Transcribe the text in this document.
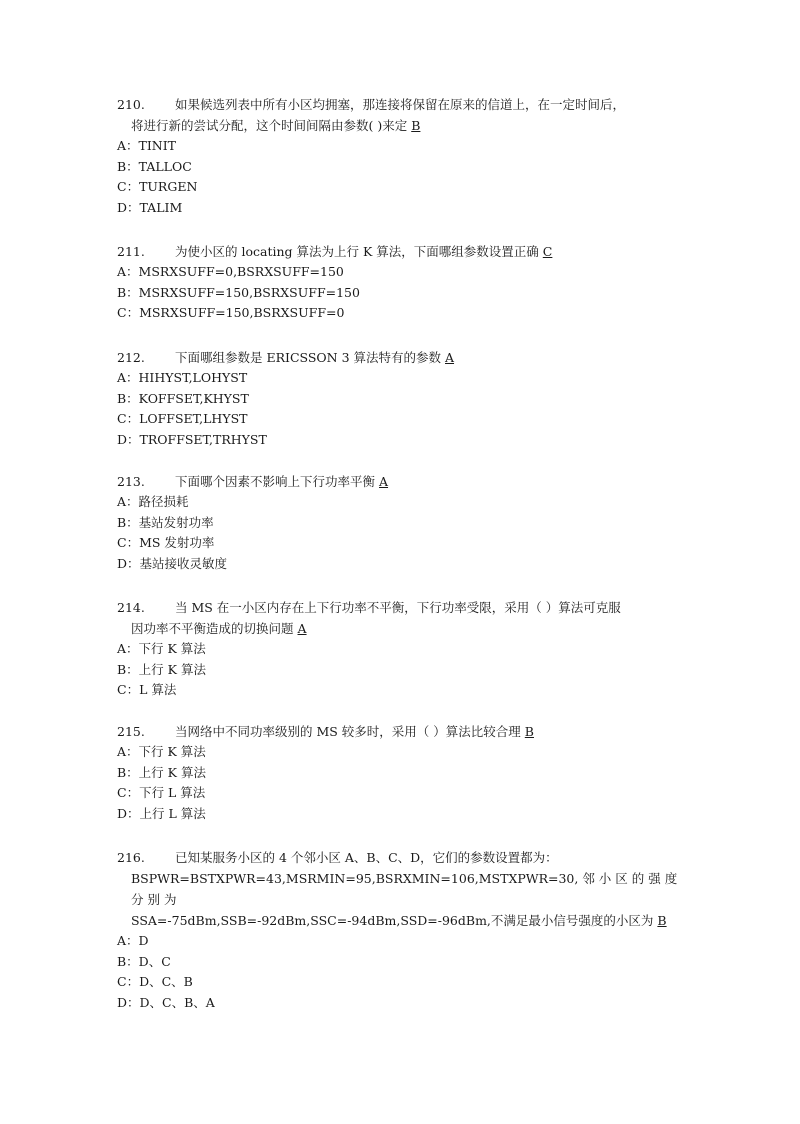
210. 如果候选列表中所有小区均拥塞，那连接将保留在原来的信道上，在一定时间后，

将进行新的尝试分配，这个时间间隔由参数( )来定 B

A：TINIT

B：TALLOC

C：TURGEN

D：TALIM

211. 为使小区的 locating 算法为上行 K 算法，下面哪组参数设置正确 C

A：MSRXSUFF=0,BSRXSUFF=150

B：MSRXSUFF=150,BSRXSUFF=150

C：MSRXSUFF=150,BSRXSUFF=0

212. 下面哪组参数是 ERICSSON 3 算法特有的参数 A

A：HIHYST,LOHYST

B：KOFFSET,KHYST

C：LOFFSET,LHYST

D：TROFFSET,TRHYST

213. 下面哪个因素不影响上下行功率平衡 A

A：路径损耗

B：基站发射功率

C：MS 发射功率

D：基站接收灵敏度

214. 当 MS 在一小区内存在上下行功率不平衡，下行功率受限，采用（ ）算法可克服

因功率不平衡造成的切换问题 A

A：下行 K 算法

B：上行 K 算法

C：L 算法

215. 当网络中不同功率级别的 MS 较多时，采用（ ）算法比较合理 B

A：下行 K 算法

B：上行 K 算法

C：下行 L 算法

D：上行 L 算法

216. 已知某服务小区的 4 个邻小区 A、B、C、D，它们的参数设置都为：

BSPWR=BSTXPWR=43,MSRMIN=95,BSRXMIN=106,MSTXPWR=30, 邻 小 区 的 强 度 分 别 为

SSA=-75dBm,SSB=-92dBm,SSC=-94dBm,SSD=-96dBm,不满足最小信号强度的小区为 B

A：D

B：D、C

C：D、C、B

D：D、C、B、A
